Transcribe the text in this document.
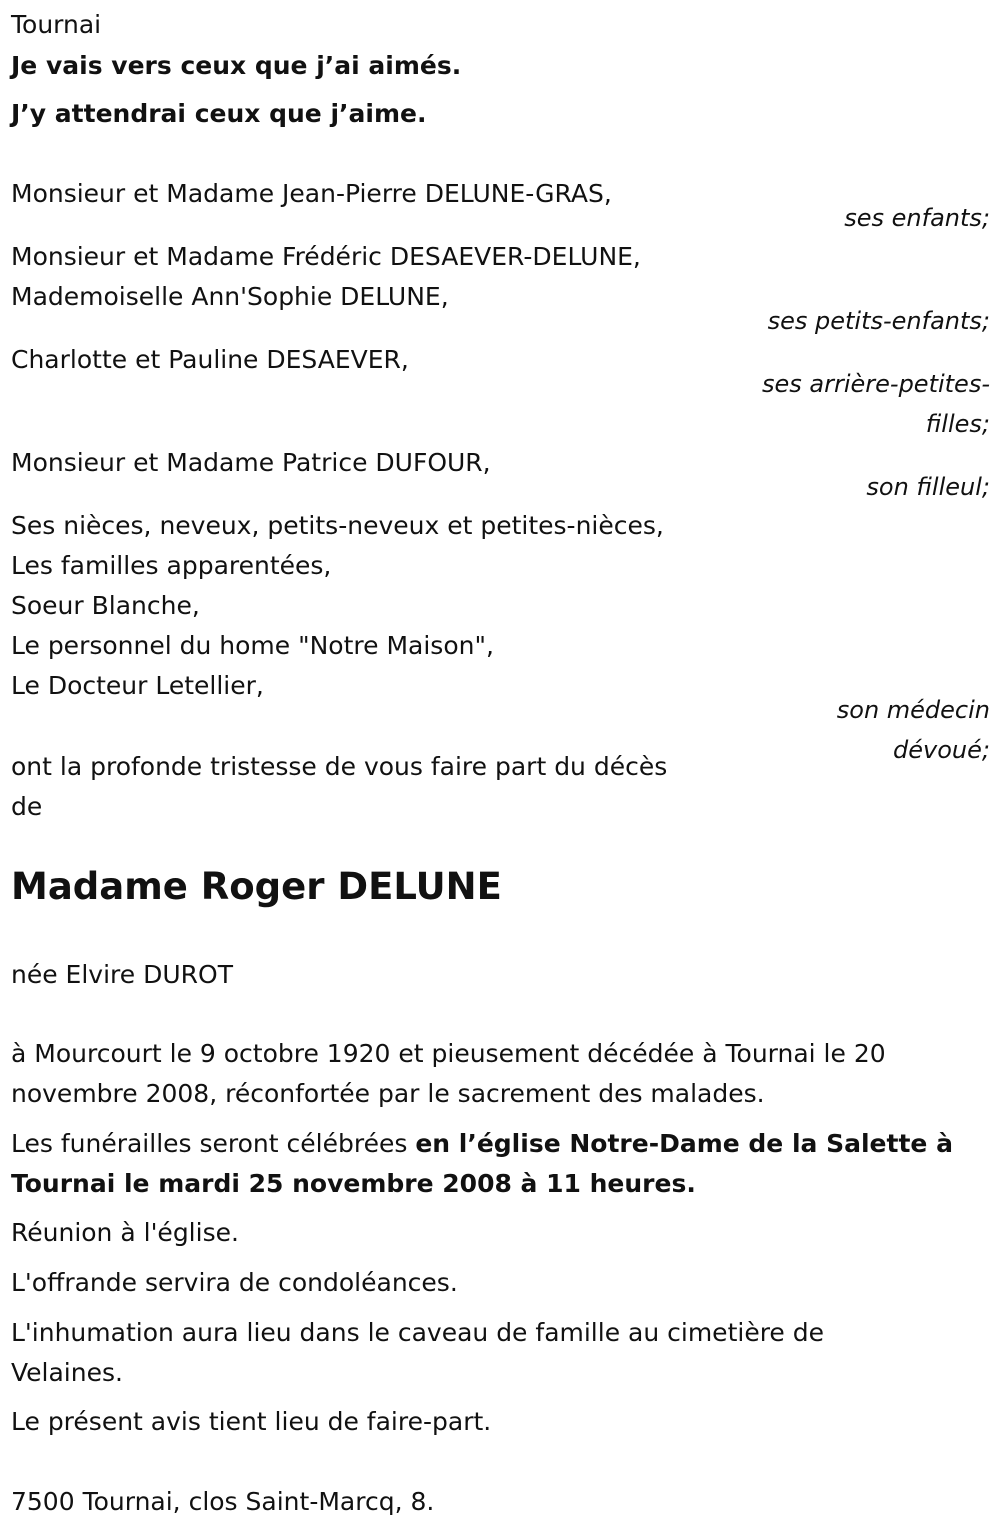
Tournai
Je vais vers ceux que j’ai aimés.
J’y attendrai ceux que j’aime.
Monsieur et Madame Jean-Pierre DELUNE-GRAS,
ses enfants;
Monsieur et Madame Frédéric DESAEVER-DELUNE,
Mademoiselle Ann'Sophie DELUNE,
ses petits-enfants;
Charlotte et Pauline DESAEVER,
ses arrière-petites-
filles;
Monsieur et Madame Patrice DUFOUR,
son filleul;
Ses nièces, neveux, petits-neveux et petites-nièces,
Les familles apparentées,
Soeur Blanche,
Le personnel du home "Notre Maison",
Le Docteur Letellier,
son médecin
dévoué;
ont la profonde tristesse de vous faire part du décès
de
Madame Roger DELUNE
née Elvire DUROT
à Mourcourt le 9 octobre 1920 et pieusement décédée à Tournai le 20
novembre 2008, réconfortée par le sacrement des malades.
Les funérailles seront célébrées en l’église Notre-Dame de la Salette à
Tournai le mardi 25 novembre 2008 à 11 heures.
Réunion à l'église.
L'offrande servira de condoléances.
L'inhumation aura lieu dans le caveau de famille au cimetière de
Velaines.
Le présent avis tient lieu de faire-part.
7500 Tournai, clos Saint-Marcq, 8.
